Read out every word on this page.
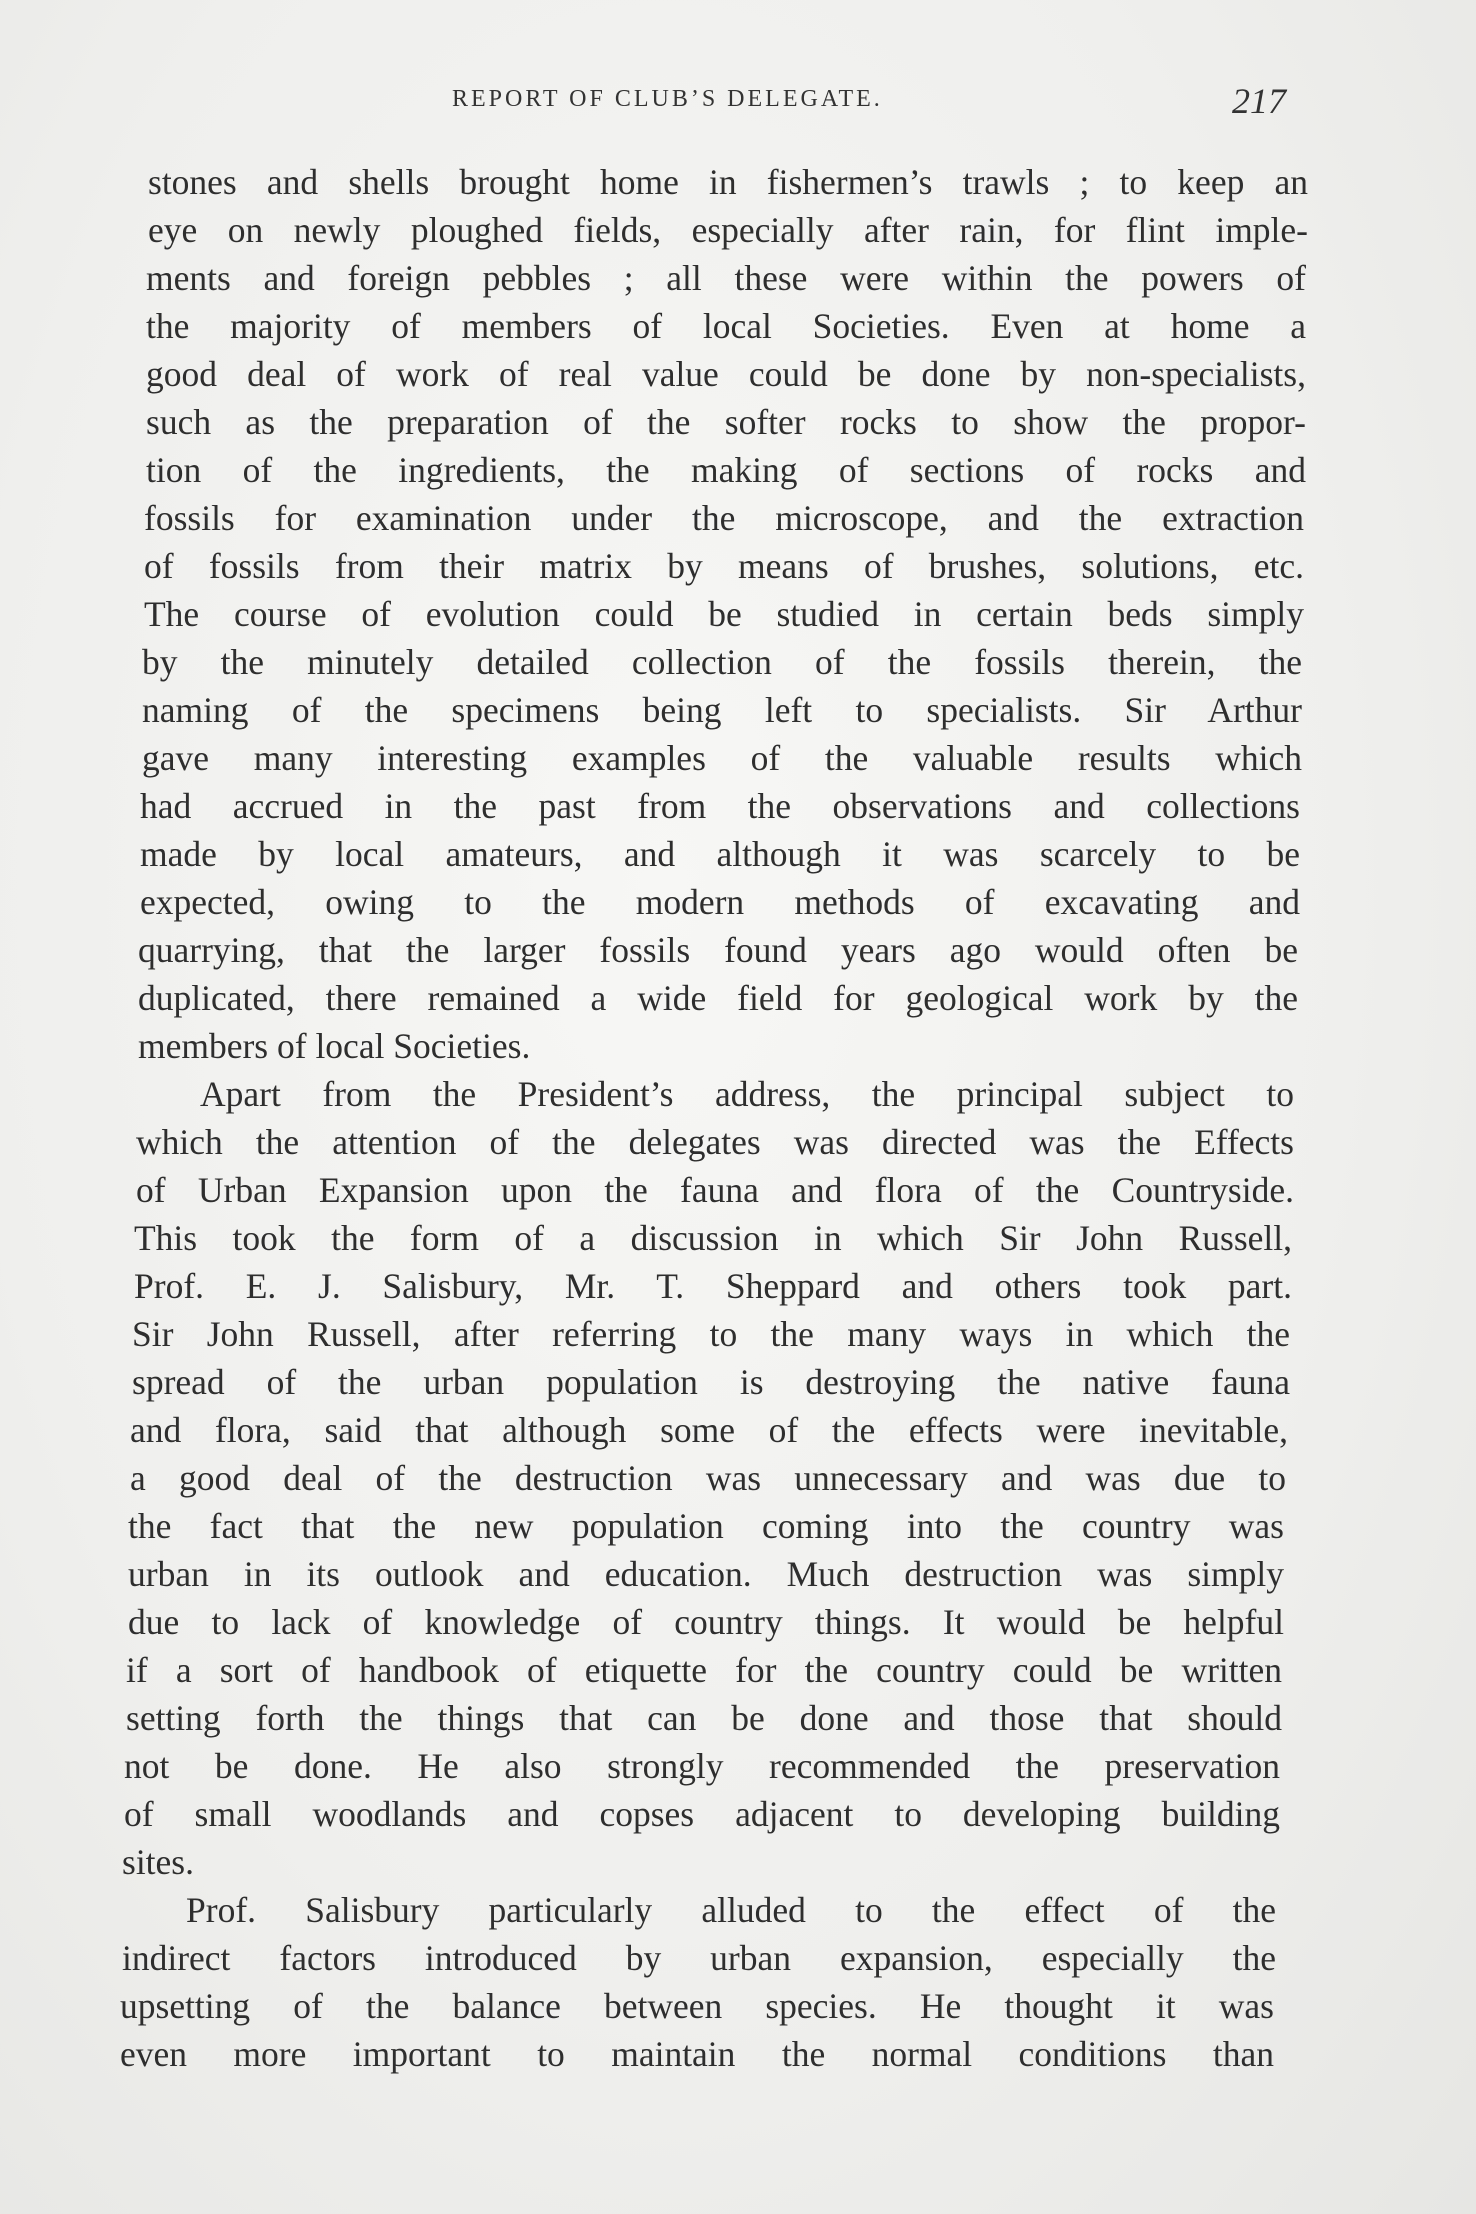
REPORT OF CLUB’S DELEGATE.	217
stones and shells brought home in fishermen’s trawls ; to keep an
eye on newly ploughed fields, especially after rain, for flint imple-
ments and foreign pebbles ; all these were within the powers of
the majority of members of local Societies. Even at home a
good deal of work of real value could be done by non-specialists,
such as the preparation of the softer rocks to show the propor-
tion of the ingredients, the making of sections of rocks and
fossils for examination under the microscope, and the extraction
of fossils from their matrix by means of brushes, solutions, etc.
The course of evolution could be studied in certain beds simply
by the minutely detailed collection of the fossils therein, the
naming of the specimens being left to specialists. Sir Arthur
gave many interesting examples of the valuable results which
had accrued in the past from the observations and collections
made by local amateurs, and although it was scarcely to be
expected, owing to the modern methods of excavating and
quarrying, that the larger fossils found years ago would often be
duplicated, there remained a wide field for geological work by the
members of local Societies.
Apart from the President’s address, the principal subject to
which the attention of the delegates was directed was the Effects
of Urban Expansion upon the fauna and flora of the Countryside.
This took the form of a discussion in which Sir John Russell,
Prof. E. J. Salisbury, Mr. T. Sheppard and others took part.
Sir John Russell, after referring to the many ways in which the
spread of the urban population is destroying the native fauna
and flora, said that although some of the effects were inevitable,
a good deal of the destruction was unnecessary and was due to
the fact that the new population coming into the country was
urban in its outlook and education. Much destruction was simply
due to lack of knowledge of country things. It would be helpful
if a sort of handbook of etiquette for the country could be written
setting forth the things that can be done and those that should
not be done. He also strongly recommended the preservation
of small woodlands and copses adjacent to developing building
sites.
Prof. Salisbury particularly alluded to the effect of the
indirect factors introduced by urban expansion, especially the
upsetting of the balance between species. He thought it was
even more important to maintain the normal conditions than
